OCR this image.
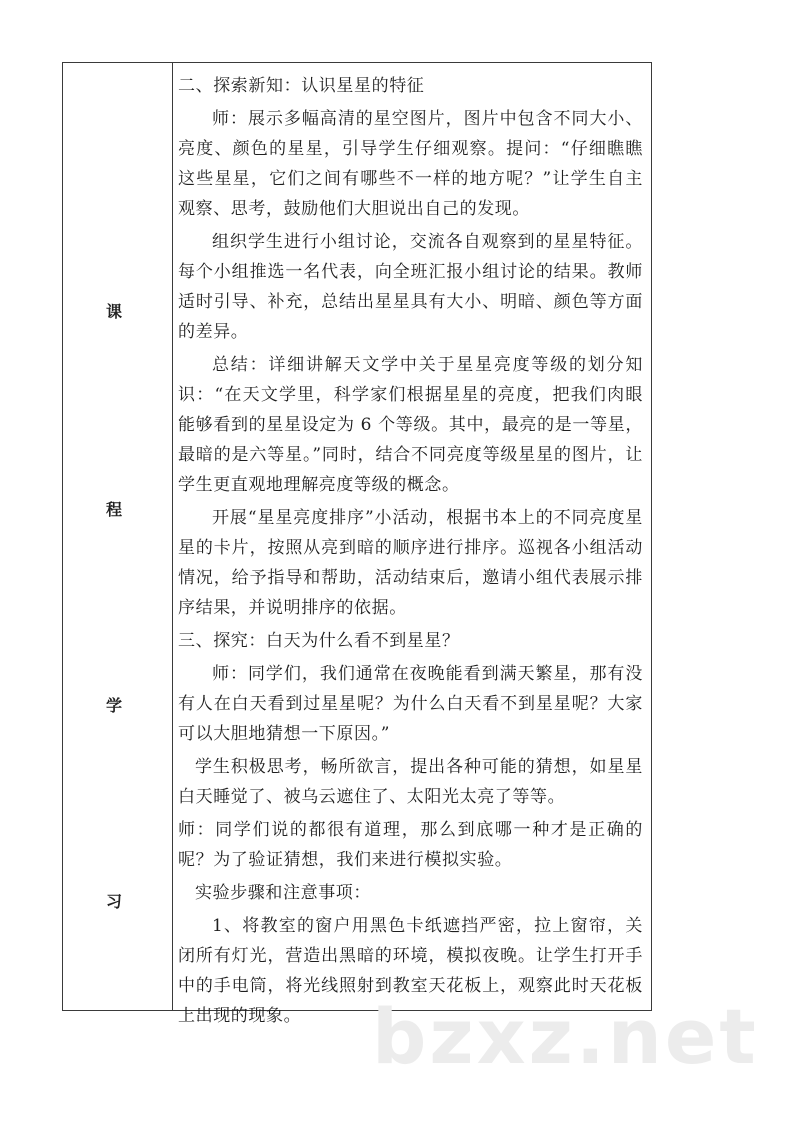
课
程
学
习

二、探索新知：认识星星的特征

师：展示多幅高清的星空图片，图片中包含不同大小、亮度、颜色的星星，引导学生仔细观察。提问：“仔细瞧瞧这些星星，它们之间有哪些不一样的地方呢？”让学生自主观察、思考，鼓励他们大胆说出自己的发现。

组织学生进行小组讨论，交流各自观察到的星星特征。每个小组推选一名代表，向全班汇报小组讨论的结果。教师适时引导、补充，总结出星星具有大小、明暗、颜色等方面的差异。

总结：详细讲解天文学中关于星星亮度等级的划分知识：“在天文学里，科学家们根据星星的亮度，把我们肉眼能够看到的星星设定为 6 个等级。其中，最亮的是一等星，最暗的是六等星。”同时，结合不同亮度等级星星的图片，让学生更直观地理解亮度等级的概念。

开展“星星亮度排序”小活动，根据书本上的不同亮度星星的卡片，按照从亮到暗的顺序进行排序。巡视各小组活动情况，给予指导和帮助，活动结束后，邀请小组代表展示排序结果，并说明排序的依据。

三、探究：白天为什么看不到星星？

师：同学们，我们通常在夜晚能看到满天繁星，那有没有人在白天看到过星星呢？为什么白天看不到星星呢？大家可以大胆地猜想一下原因。”

学生积极思考，畅所欲言，提出各种可能的猜想，如星星白天睡觉了、被乌云遮住了、太阳光太亮了等等。

师：同学们说的都很有道理，那么到底哪一种才是正确的呢？为了验证猜想，我们来进行模拟实验。

实验步骤和注意事项：

1、将教室的窗户用黑色卡纸遮挡严密，拉上窗帘，关闭所有灯光，营造出黑暗的环境，模拟夜晚。让学生打开手中的手电筒，将光线照射到教室天花板上，观察此时天花板上出现的现象。 bzxz.net
